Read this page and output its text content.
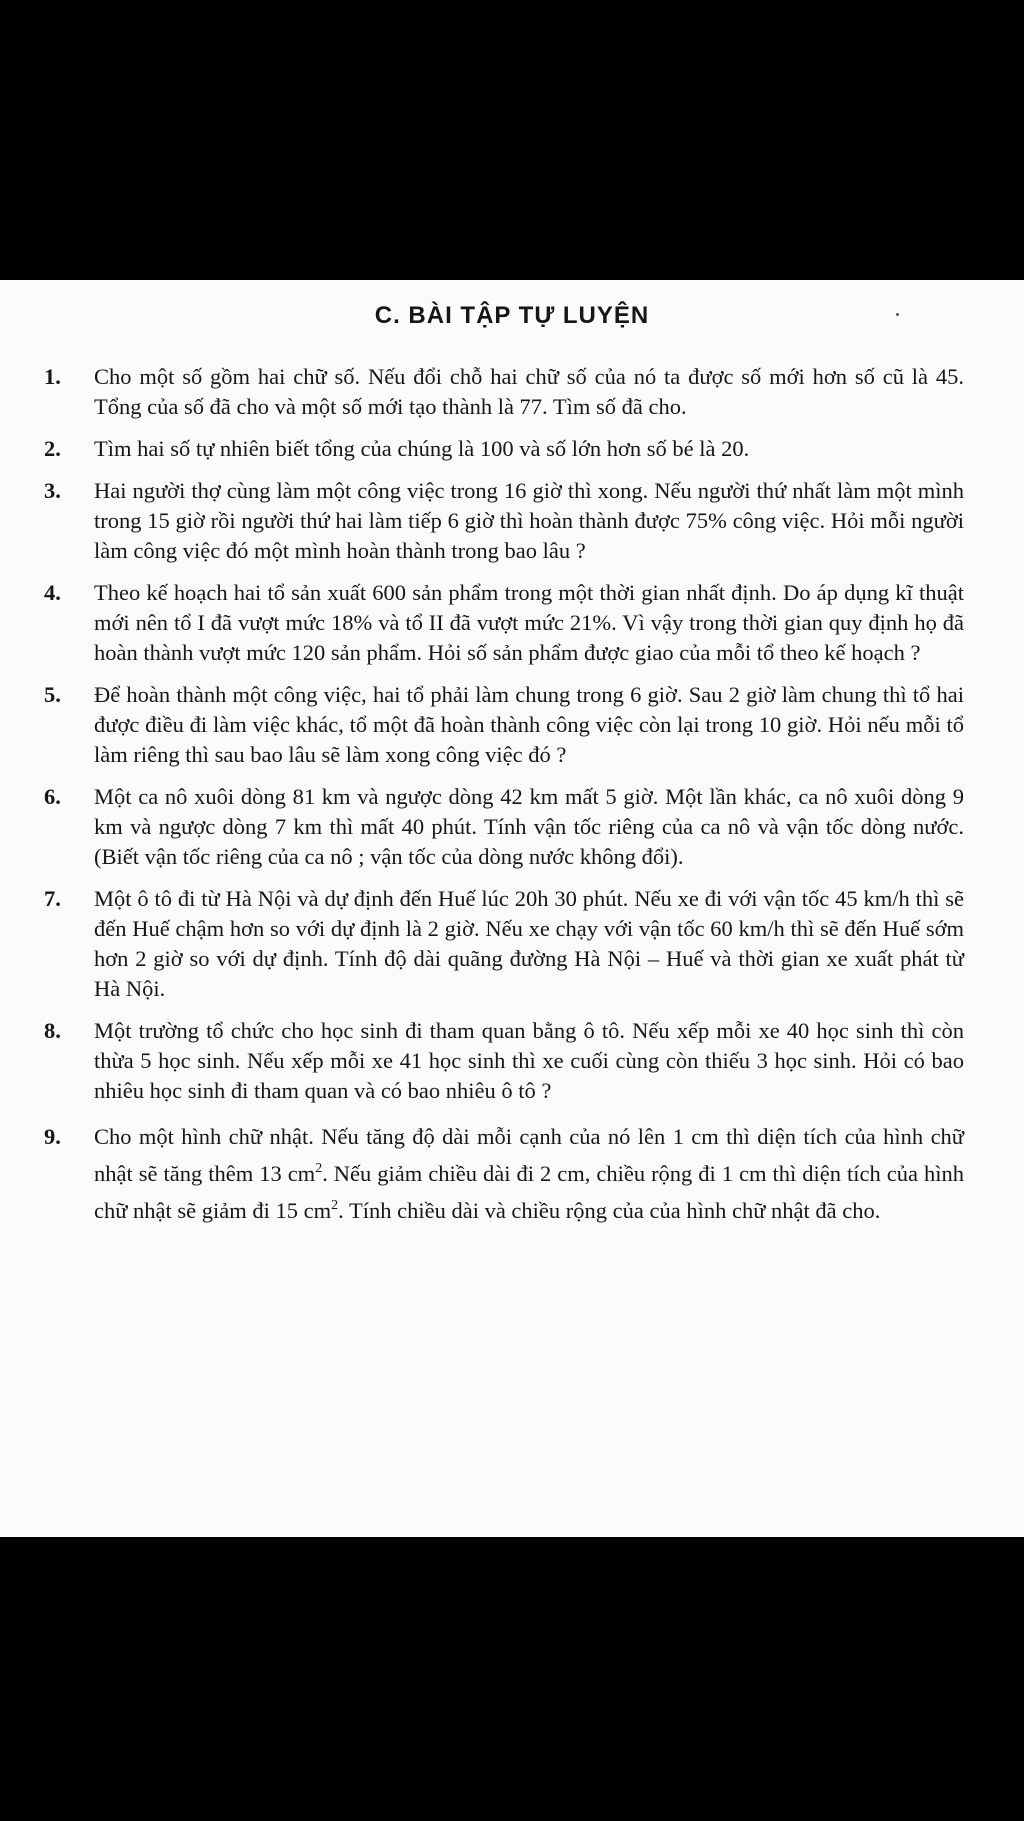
C. BÀI TẬP TỰ LUYỆN
1. Cho một số gồm hai chữ số. Nếu đổi chỗ hai chữ số của nó ta được số mới hơn số cũ là 45. Tổng của số đã cho và một số mới tạo thành là 77. Tìm số đã cho.
2. Tìm hai số tự nhiên biết tổng của chúng là 100 và số lớn hơn số bé là 20.
3. Hai người thợ cùng làm một công việc trong 16 giờ thì xong. Nếu người thứ nhất làm một mình trong 15 giờ rồi người thứ hai làm tiếp 6 giờ thì hoàn thành được 75% công việc. Hỏi mỗi người làm công việc đó một mình hoàn thành trong bao lâu ?
4. Theo kế hoạch hai tổ sản xuất 600 sản phẩm trong một thời gian nhất định. Do áp dụng kĩ thuật mới nên tổ I đã vượt mức 18% và tổ II đã vượt mức 21%. Vì vậy trong thời gian quy định họ đã hoàn thành vượt mức 120 sản phẩm. Hỏi số sản phẩm được giao của mỗi tổ theo kế hoạch ?
5. Để hoàn thành một công việc, hai tổ phải làm chung trong 6 giờ. Sau 2 giờ làm chung thì tổ hai được điều đi làm việc khác, tổ một đã hoàn thành công việc còn lại trong 10 giờ. Hỏi nếu mỗi tổ làm riêng thì sau bao lâu sẽ làm xong công việc đó ?
6. Một ca nô xuôi dòng 81 km và ngược dòng 42 km mất 5 giờ. Một lần khác, ca nô xuôi dòng 9 km và ngược dòng 7 km thì mất 40 phút. Tính vận tốc riêng của ca nô và vận tốc dòng nước. (Biết vận tốc riêng của ca nô ; vận tốc của dòng nước không đổi).
7. Một ô tô đi từ Hà Nội và dự định đến Huế lúc 20h 30 phút. Nếu xe đi với vận tốc 45 km/h thì sẽ đến Huế chậm hơn so với dự định là 2 giờ. Nếu xe chạy với vận tốc 60 km/h thì sẽ đến Huế sớm hơn 2 giờ so với dự định. Tính độ dài quãng đường Hà Nội – Huế và thời gian xe xuất phát từ Hà Nội.
8. Một trường tổ chức cho học sinh đi tham quan bằng ô tô. Nếu xếp mỗi xe 40 học sinh thì còn thừa 5 học sinh. Nếu xếp mỗi xe 41 học sinh thì xe cuối cùng còn thiếu 3 học sinh. Hỏi có bao nhiêu học sinh đi tham quan và có bao nhiêu ô tô ?
9. Cho một hình chữ nhật. Nếu tăng độ dài mỗi cạnh của nó lên 1 cm thì diện tích của hình chữ nhật sẽ tăng thêm 13 $cm^2$. Nếu giảm chiều dài đi 2 cm, chiều rộng đi 1 cm thì diện tích của hình chữ nhật sẽ giảm đi 15 $cm^2$. Tính chiều dài và chiều rộng của của hình chữ nhật đã cho.
